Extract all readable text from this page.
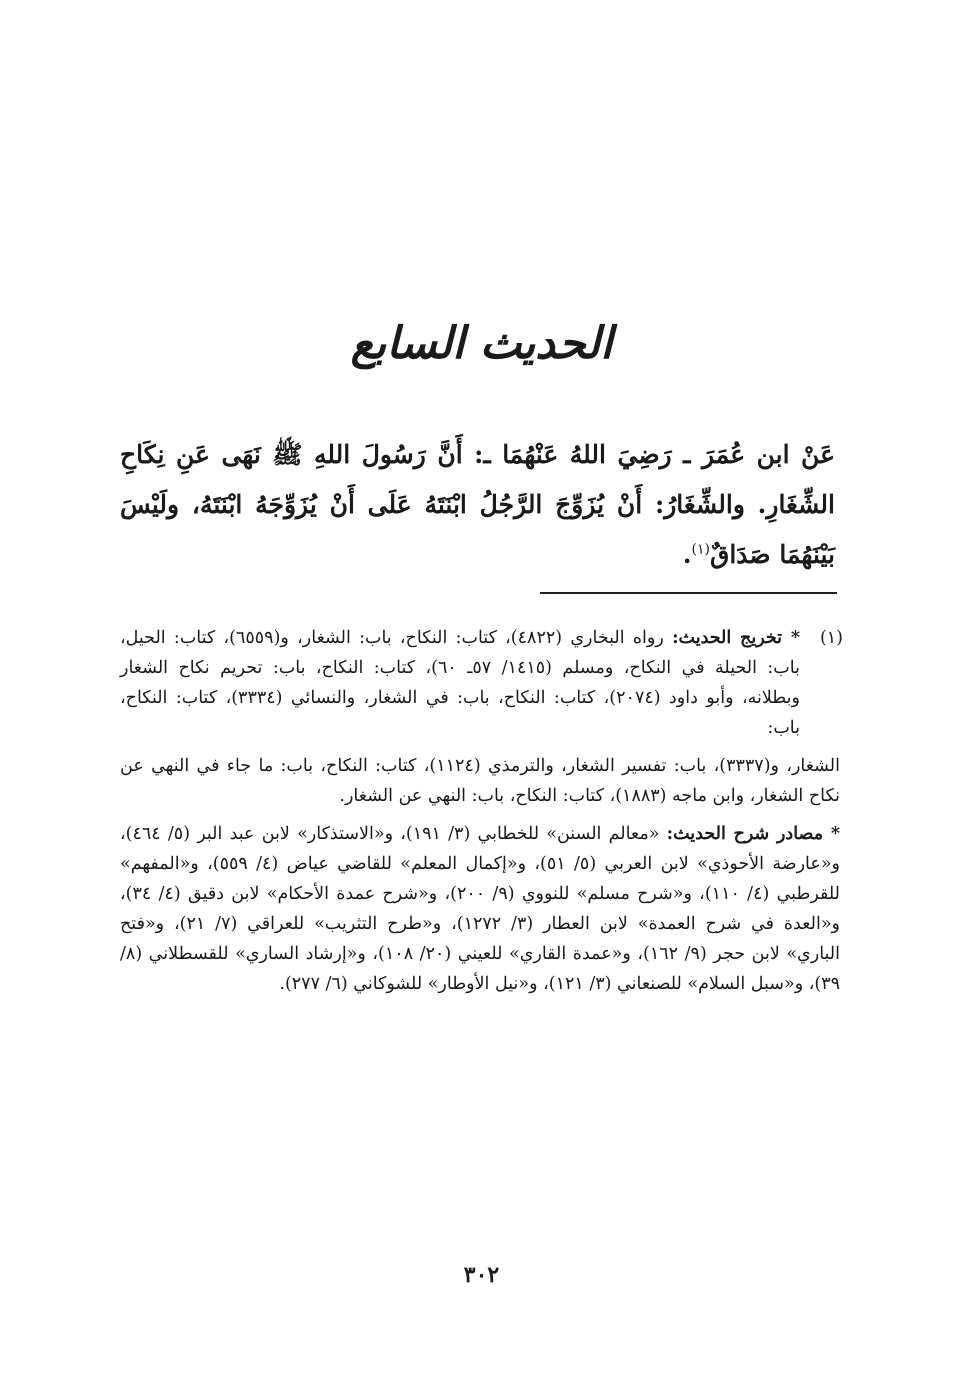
الحديث السابع
عَنْ ابن عُمَرَ ـ رَضِيَ اللهُ عَنْهُمَا ـ: أَنَّ رَسُولَ اللهِ ﷺ نَهَى عَنِ نِكَاحِ الشِّغَارِ. والشِّغَارُ: أَنْ يُزَوِّجَ الرَّجُلُ ابْنَتَهُ عَلَى أَنْ يُزَوِّجَهُ ابْنَتَهُ، ولَيْسَ بَيْنَهُمَا صَدَاقٌ$^{(١)}$.
(١)

* تخريج الحديث: رواه البخاري (٤٨٢٢)، كتاب: النكاح، باب: الشغار، و(٦٥٥٩)، كتاب: الحيل، باب: الحيلة في النكاح، ومسلم (١٤١٥/ ٥٧ـ ٦٠)، كتاب: النكاح، باب: تحريم نكاح الشغار وبطلانه، وأبو داود (٢٠٧٤)، كتاب: النكاح، باب: في الشغار، والنسائي (٣٣٣٤)، كتاب: النكاح، باب:

الشغار، و(٣٣٣٧)، باب: تفسير الشغار، والترمذي (١١٢٤)، كتاب: النكاح، باب: ما جاء في النهي عن نكاح الشغار، وابن ماجه (١٨٨٣)، كتاب: النكاح، باب: النهي عن الشغار.

* مصادر شرح الحديث: «معالم السنن» للخطابي (٣/ ١٩١)، و«الاستذكار» لابن عبد البر (٥/ ٤٦٤)، و«عارضة الأحوذي» لابن العربي (٥/ ٥١)، و«إكمال المعلم» للقاضي عياض (٤/ ٥٥٩)، و«المفهم» للقرطبي (٤/ ١١٠)، و«شرح مسلم» للنووي (٩/ ٢٠٠)، و«شرح عمدة الأحكام» لابن دقيق (٤/ ٣٤)، و«العدة في شرح العمدة» لابن العطار (٣/ ١٢٧٢)، و«طرح التثريب» للعراقي (٧/ ٢١)، و«فتح الباري» لابن حجر (٩/ ١٦٢)، و«عمدة القاري» للعيني (٢٠/ ١٠٨)، و«إرشاد الساري» للقسطلاني (٨/ ٣٩)، و«سبل السلام» للصنعاني (٣/ ١٢١)، و«نيل الأوطار» للشوكاني (٦/ ٢٧٧).

٣٠٢
